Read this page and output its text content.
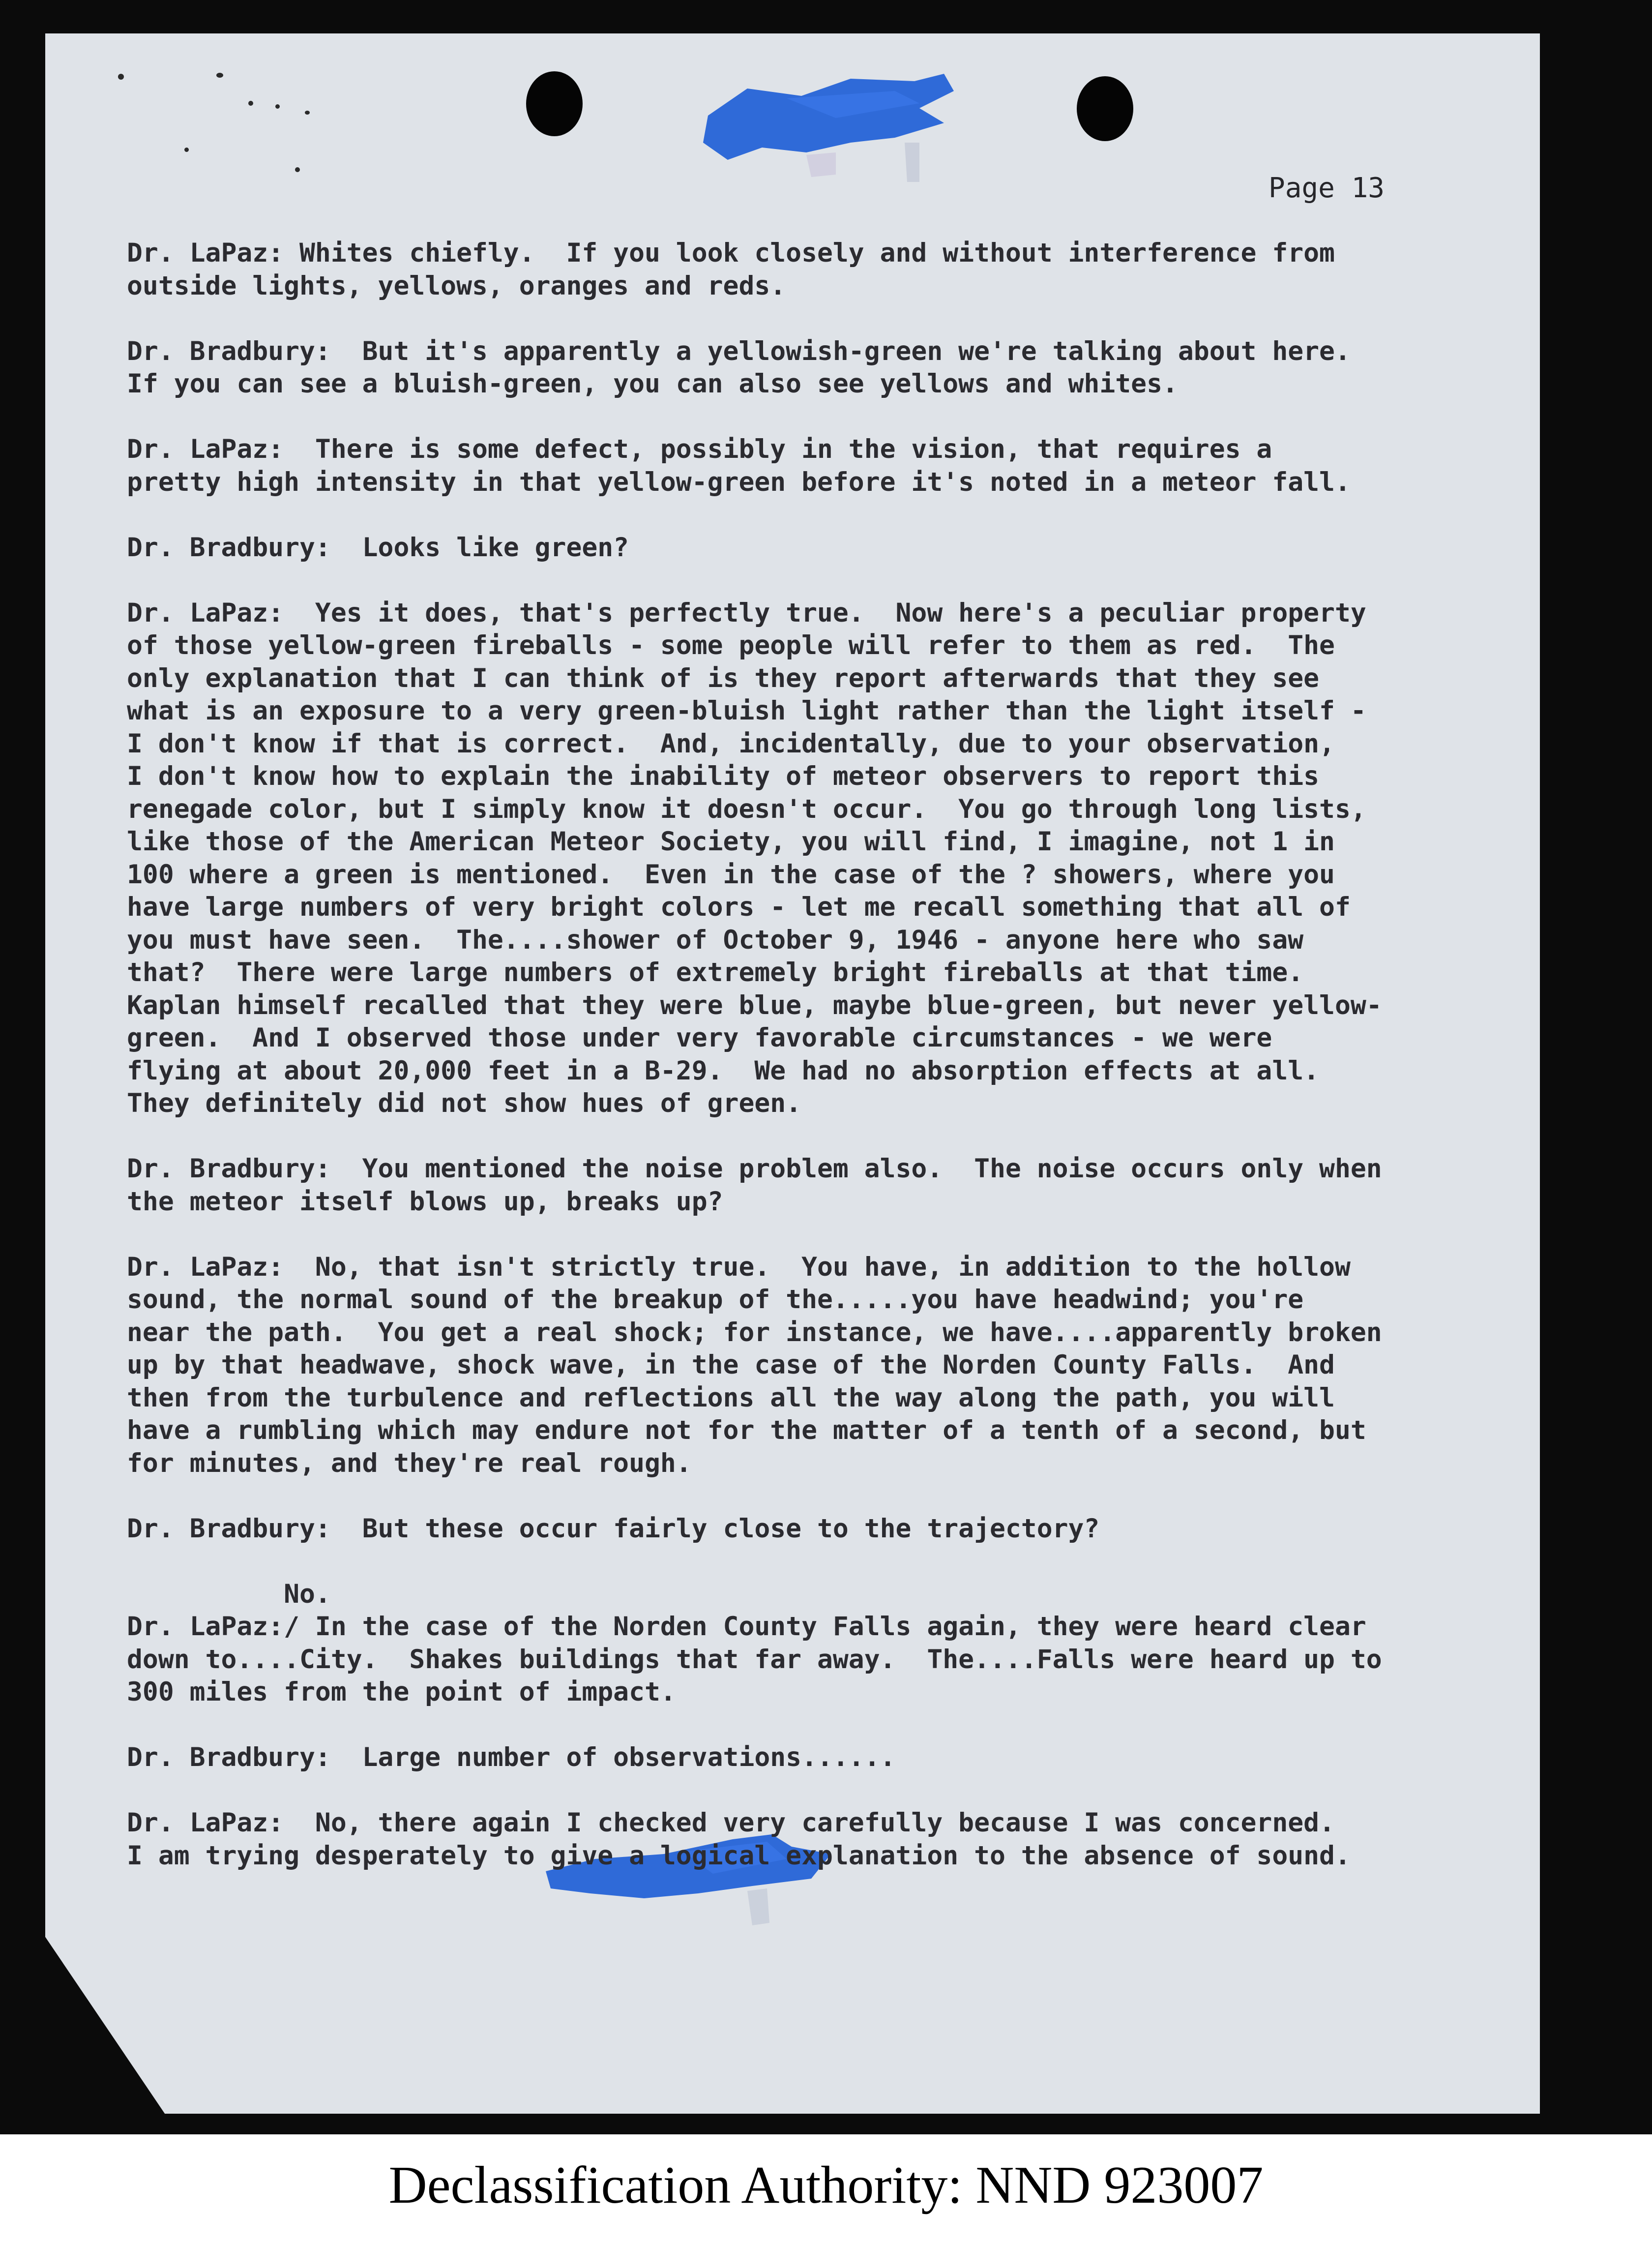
Page 13
Dr. LaPaz: Whites chiefly.  If you look closely and without interference from
outside lights, yellows, oranges and reds.
Dr. Bradbury:  But it's apparently a yellowish-green we're talking about here.
If you can see a bluish-green, you can also see yellows and whites.
Dr. LaPaz:  There is some defect, possibly in the vision, that requires a
pretty high intensity in that yellow-green before it's noted in a meteor fall.
Dr. Bradbury:  Looks like green?
Dr. LaPaz:  Yes it does, that's perfectly true.  Now here's a peculiar property
of those yellow-green fireballs - some people will refer to them as red.  The
only explanation that I can think of is they report afterwards that they see
what is an exposure to a very green-bluish light rather than the light itself -
I don't know if that is correct.  And, incidentally, due to your observation,
I don't know how to explain the inability of meteor observers to report this
renegade color, but I simply know it doesn't occur.  You go through long lists,
like those of the American Meteor Society, you will find, I imagine, not 1 in
100 where a green is mentioned.  Even in the case of the ? showers, where you
have large numbers of very bright colors - let me recall something that all of
you must have seen.  The....shower of October 9, 1946 - anyone here who saw
that?  There were large numbers of extremely bright fireballs at that time.
Kaplan himself recalled that they were blue, maybe blue-green, but never yellow-
green.  And I observed those under very favorable circumstances - we were
flying at about 20,000 feet in a B-29.  We had no absorption effects at all.
They definitely did not show hues of green.
Dr. Bradbury:  You mentioned the noise problem also.  The noise occurs only when
the meteor itself blows up, breaks up?
Dr. LaPaz:  No, that isn't strictly true.  You have, in addition to the hollow
sound, the normal sound of the breakup of the.....you have headwind; you're
near the path.  You get a real shock; for instance, we have....apparently broken
up by that headwave, shock wave, in the case of the Norden County Falls.  And
then from the turbulence and reflections all the way along the path, you will
have a rumbling which may endure not for the matter of a tenth of a second, but
for minutes, and they're real rough.
Dr. Bradbury:  But these occur fairly close to the trajectory?
No.
Dr. LaPaz:/ In the case of the Norden County Falls again, they were heard clear
down to....City.  Shakes buildings that far away.  The....Falls were heard up to
300 miles from the point of impact.
Dr. Bradbury:  Large number of observations......
Dr. LaPaz:  No, there again I checked very carefully because I was concerned.
I am trying desperately to give a logical explanation to the absence of sound.
Declassification Authority: NND 923007
